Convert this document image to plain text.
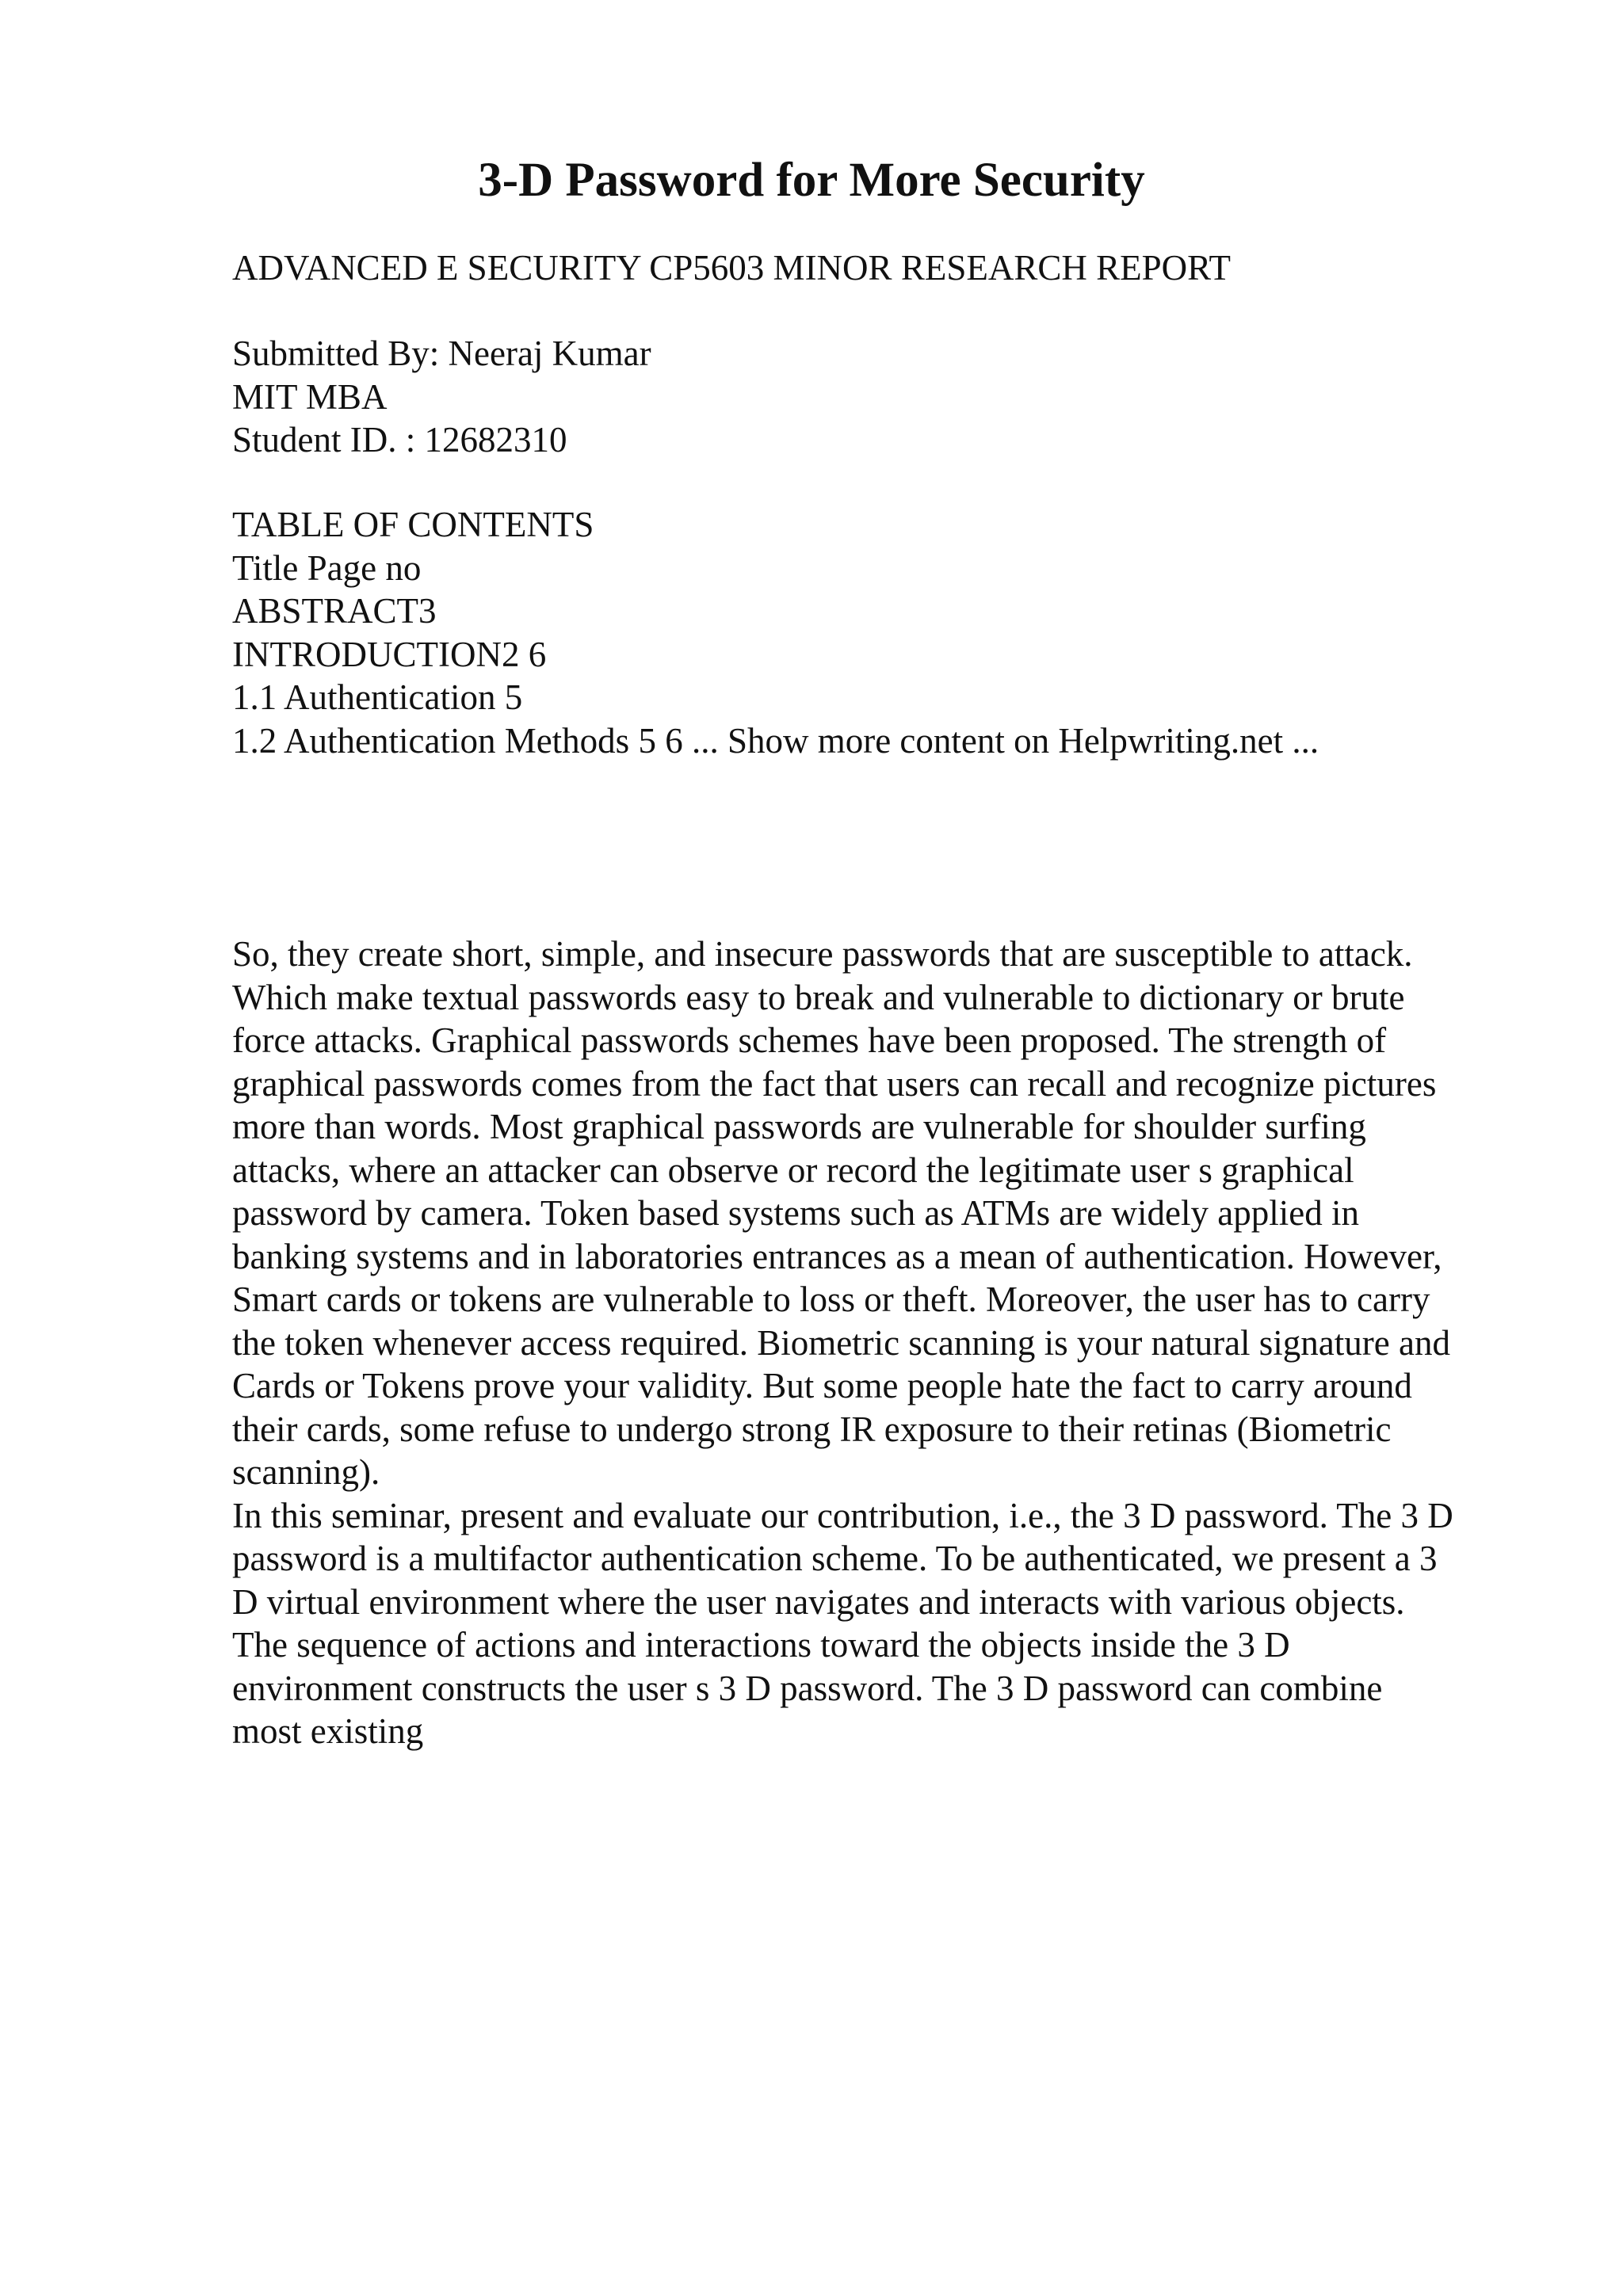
3-D Password for More Security
ADVANCED E SECURITY CP5603 MINOR RESEARCH REPORT
Submitted By: Neeraj Kumar
MIT MBA
Student ID. : 12682310
TABLE OF CONTENTS
Title Page no
ABSTRACT3
INTRODUCTION2 6
1.1 Authentication 5
1.2 Authentication Methods 5 6 ... Show more content on Helpwriting.net ...
So, they create short, simple, and insecure passwords that are susceptible to attack.
Which make textual passwords easy to break and vulnerable to dictionary or brute
force attacks. Graphical passwords schemes have been proposed. The strength of
graphical passwords comes from the fact that users can recall and recognize pictures
more than words. Most graphical passwords are vulnerable for shoulder surfing
attacks, where an attacker can observe or record the legitimate user s graphical
password by camera. Token based systems such as ATMs are widely applied in
banking systems and in laboratories entrances as a mean of authentication. However,
Smart cards or tokens are vulnerable to loss or theft. Moreover, the user has to carry
the token whenever access required. Biometric scanning is your natural signature and
Cards or Tokens prove your validity. But some people hate the fact to carry around
their cards, some refuse to undergo strong IR exposure to their retinas (Biometric
scanning).
In this seminar, present and evaluate our contribution, i.e., the 3 D password. The 3 D
password is a multifactor authentication scheme. To be authenticated, we present a 3
D virtual environment where the user navigates and interacts with various objects.
The sequence of actions and interactions toward the objects inside the 3 D
environment constructs the user s 3 D password. The 3 D password can combine
most existing
